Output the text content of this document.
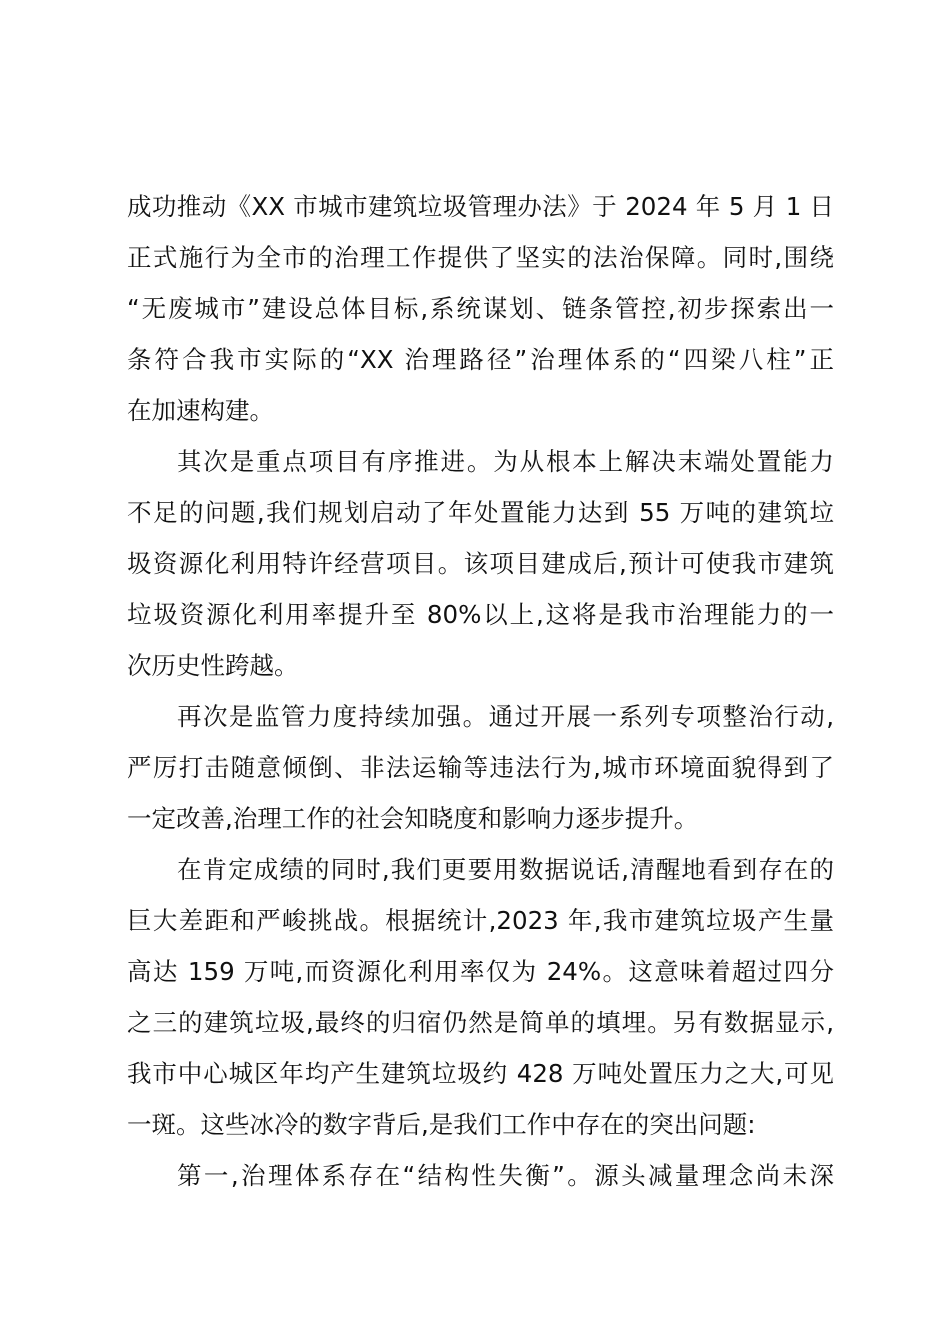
成功推动《XX 市城市建筑垃圾管理办法》于 2024 年 5 月 1 日
正式施行为全市的治理工作提供了坚实的法治保障。同时,围绕
“无废城市”建设总体目标,系统谋划、链条管控,初步探索出一
条符合我市实际的“XX 治理路径”治理体系的“四梁八柱”正
在加速构建。
其次是重点项目有序推进。为从根本上解决末端处置能力
不足的问题,我们规划启动了年处置能力达到 55 万吨的建筑垃
圾资源化利用特许经营项目。该项目建成后,预计可使我市建筑
垃圾资源化利用率提升至 80%以上,这将是我市治理能力的一
次历史性跨越。
再次是监管力度持续加强。通过开展一系列专项整治行动,
严厉打击随意倾倒、非法运输等违法行为,城市环境面貌得到了
一定改善,治理工作的社会知晓度和影响力逐步提升。
在肯定成绩的同时,我们更要用数据说话,清醒地看到存在的
巨大差距和严峻挑战。根据统计,2023 年,我市建筑垃圾产生量
高达 159 万吨,而资源化利用率仅为 24%。这意味着超过四分
之三的建筑垃圾,最终的归宿仍然是简单的填埋。另有数据显示,
我市中心城区年均产生建筑垃圾约 428 万吨处置压力之大,可见
一斑。这些冰冷的数字背后,是我们工作中存在的突出问题:
第一,治理体系存在“结构性失衡”。源头减量理念尚未深
